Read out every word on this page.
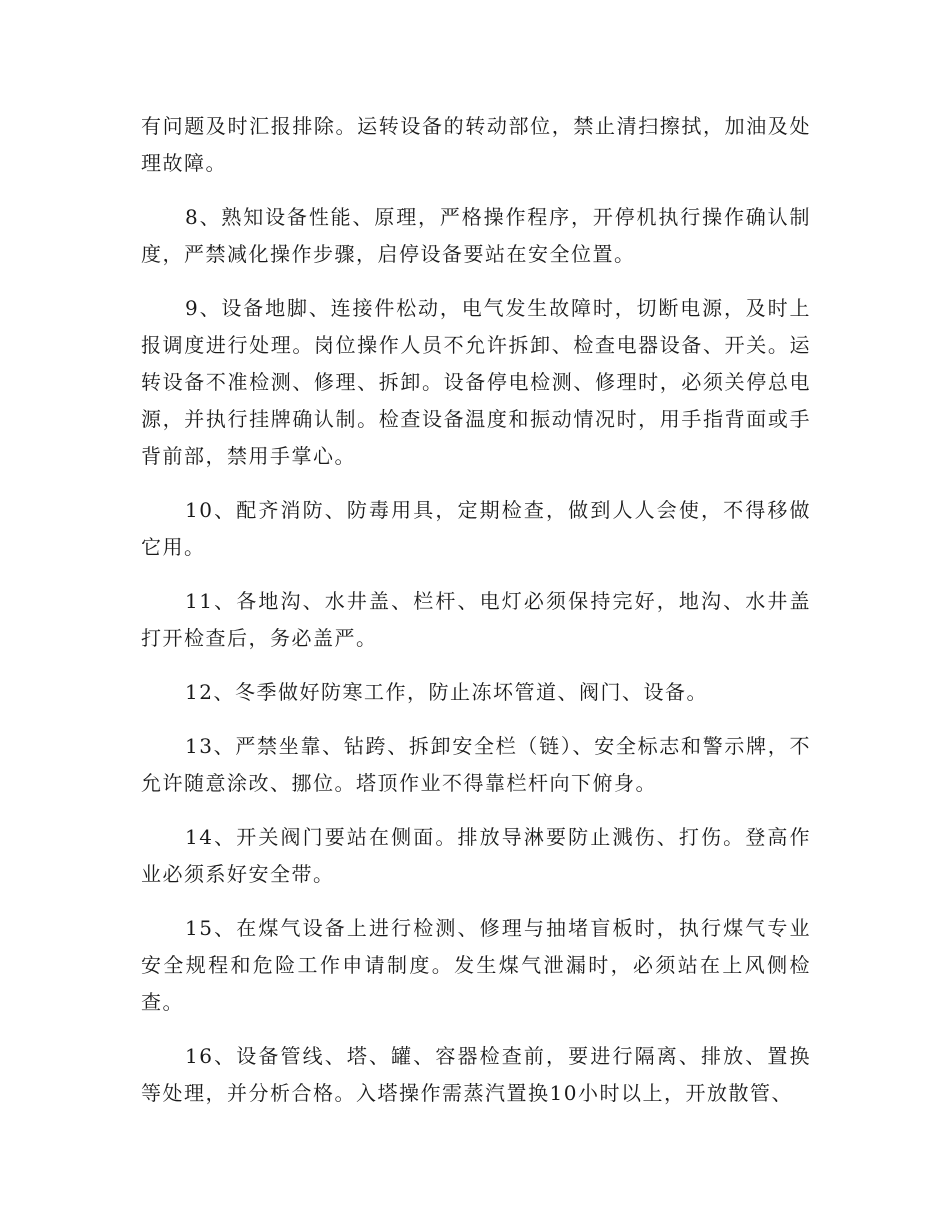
有问题及时汇报排除。运转设备的转动部位，禁止清扫擦拭，加油及处理故障。

8、熟知设备性能、原理，严格操作程序，开停机执行操作确认制度，严禁减化操作步骤，启停设备要站在安全位置。

9、设备地脚、连接件松动，电气发生故障时，切断电源，及时上报调度进行处理。岗位操作人员不允许拆卸、检查电器设备、开关。运转设备不准检测、修理、拆卸。设备停电检测、修理时，必须关停总电源，并执行挂牌确认制。检查设备温度和振动情况时，用手指背面或手背前部，禁用手掌心。

10、配齐消防、防毒用具，定期检查，做到人人会使，不得移做它用。

11、各地沟、水井盖、栏杆、电灯必须保持完好，地沟、水井盖打开检查后，务必盖严。

12、冬季做好防寒工作，防止冻坏管道、阀门、设备。

13、严禁坐靠、钻跨、拆卸安全栏（链）、安全标志和警示牌，不允许随意涂改、挪位。塔顶作业不得靠栏杆向下俯身。

14、开关阀门要站在侧面。排放导淋要防止溅伤、打伤。登高作业必须系好安全带。

15、在煤气设备上进行检测、修理与抽堵盲板时，执行煤气专业安全规程和危险工作申请制度。发生煤气泄漏时，必须站在上风侧检查。

16、设备管线、塔、罐、容器检查前，要进行隔离、排放、置换等处理，并分析合格。入塔操作需蒸汽置换10小时以上，开放散管、
